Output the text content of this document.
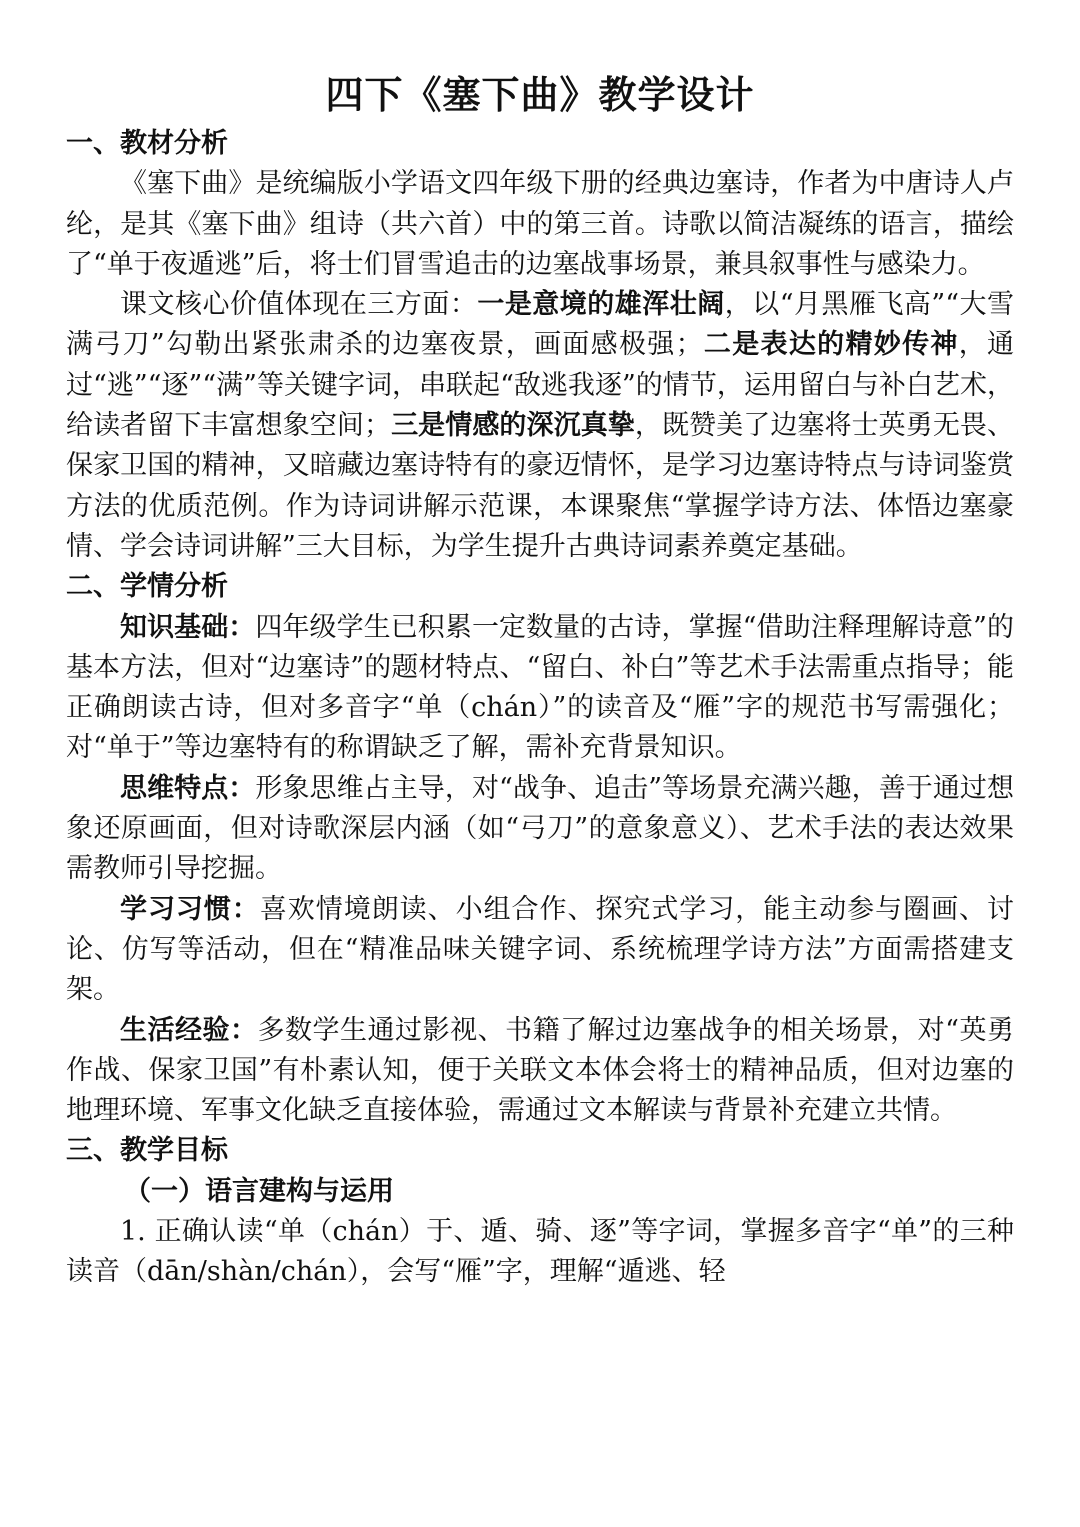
四下《塞下曲》教学设计
一、教材分析

《塞下曲》是统编版小学语文四年级下册的经典边塞诗，作者为中唐诗人卢纶，是其《塞下曲》组诗（共六首）中的第三首。诗歌以简洁凝练的语言，描绘了“单于夜遁逃”后，将士们冒雪追击的边塞战事场景，兼具叙事性与感染力。

课文核心价值体现在三方面：一是意境的雄浑壮阔，以“月黑雁飞高”“大雪满弓刀”勾勒出紧张肃杀的边塞夜景，画面感极强；二是表达的精妙传神，通过“逃”“逐”“满”等关键字词，串联起“敌逃我逐”的情节，运用留白与补白艺术，给读者留下丰富想象空间；三是情感的深沉真挚，既赞美了边塞将士英勇无畏、保家卫国的精神，又暗藏边塞诗特有的豪迈情怀，是学习边塞诗特点与诗词鉴赏方法的优质范例。作为诗词讲解示范课，本课聚焦“掌握学诗方法、体悟边塞豪情、学会诗词讲解”三大目标，为学生提升古典诗词素养奠定基础。

二、学情分析

知识基础：四年级学生已积累一定数量的古诗，掌握“借助注释理解诗意”的基本方法，但对“边塞诗”的题材特点、“留白、补白”等艺术手法需重点指导；能正确朗读古诗，但对多音字“单（chán）”的读音及“雁”字的规范书写需强化；对“单于”等边塞特有的称谓缺乏了解，需补充背景知识。

思维特点：形象思维占主导，对“战争、追击”等场景充满兴趣，善于通过想象还原画面，但对诗歌深层内涵（如“弓刀”的意象意义）、艺术手法的表达效果需教师引导挖掘。

学习习惯：喜欢情境朗读、小组合作、探究式学习，能主动参与圈画、讨论、仿写等活动，但在“精准品味关键字词、系统梳理学诗方法”方面需搭建支架。

生活经验：多数学生通过影视、书籍了解过边塞战争的相关场景，对“英勇作战、保家卫国”有朴素认知，便于关联文本体会将士的精神品质，但对边塞的地理环境、军事文化缺乏直接体验，需通过文本解读与背景补充建立共情。

三、教学目标
（一）语言建构与运用

1. 正确认读“单（chán）于、遁、骑、逐”等字词，掌握多音字“单”的三种读音（dān/shàn/chán），会写“雁”字，理解“遁逃、轻
